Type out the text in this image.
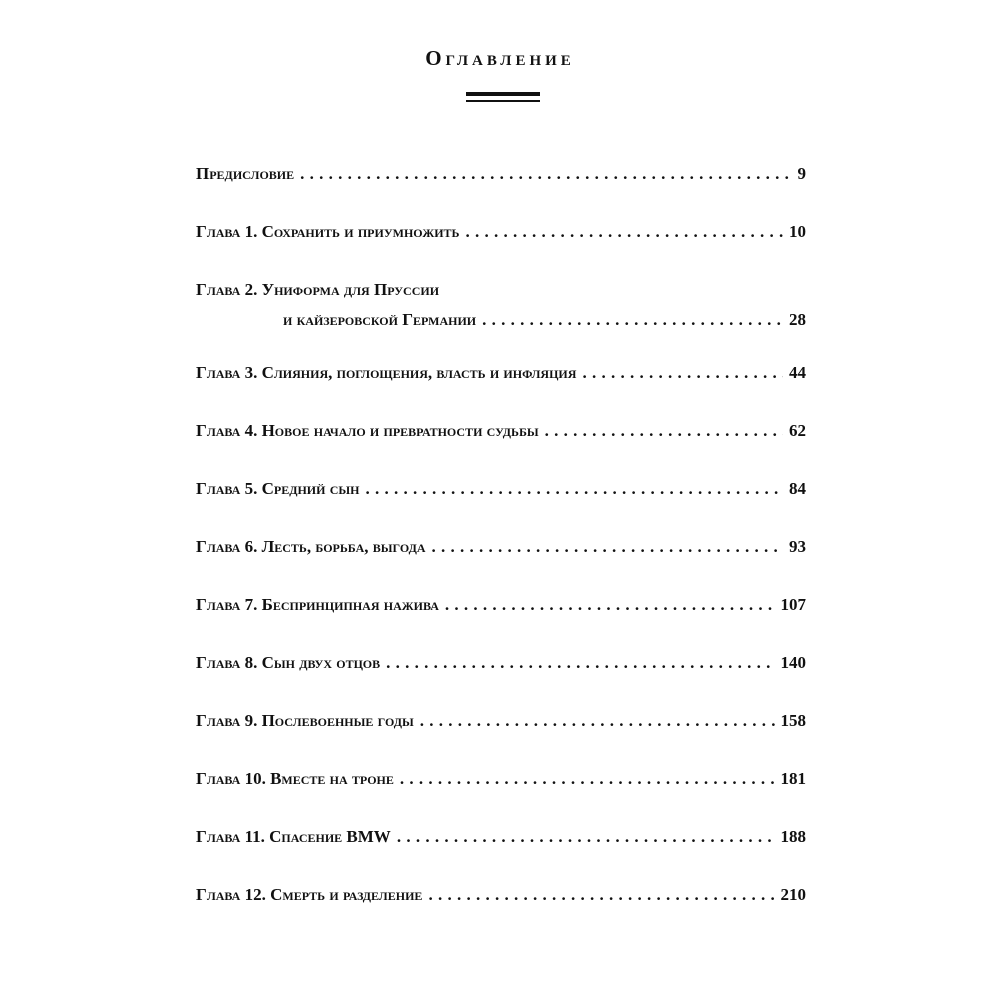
Оглавление
Предисловие . . .	9
Глава 1. Сохранить и приумножить . . .	10
Глава 2. Униформа для Пруссии
и кайзеровской Германии . . .	28
Глава 3. Слияния, поглощения, власть и инфляция . . .	44
Глава 4. Новое начало и превратности судьбы . . .	62
Глава 5. Средний сын . . .	84
Глава 6. Лесть, борьба, выгода . . .	93
Глава 7. Беспринципная нажива . . .	107
Глава 8. Сын двух отцов . . .	140
Глава 9. Послевоенные годы . . .	158
Глава 10. Вместе на троне . . .	181
Глава 11. Спасение BMW . . .	188
Глава 12. Смерть и разделение . . .	210
